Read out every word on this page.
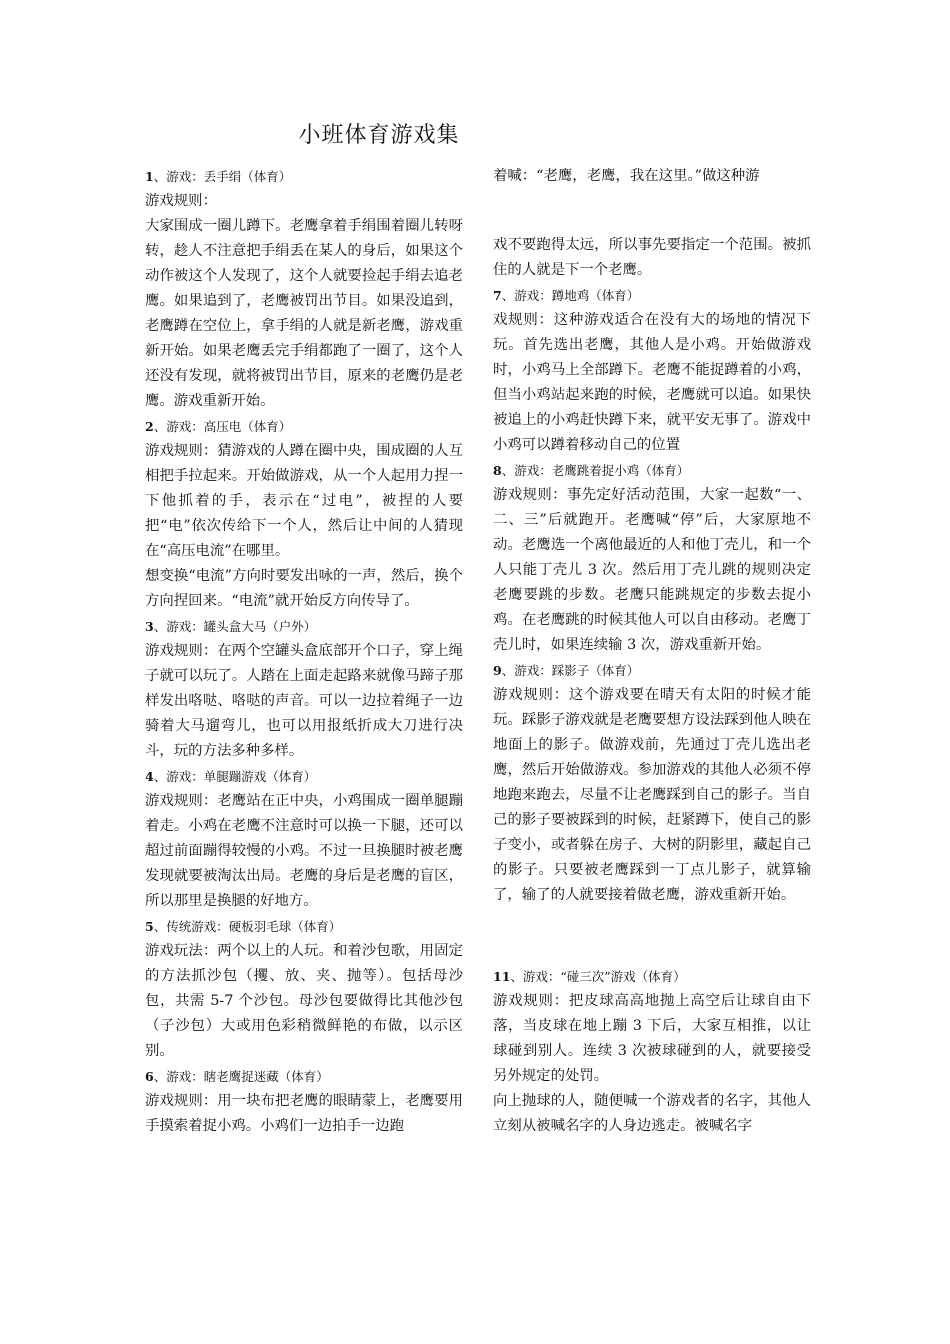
小班体育游戏集
1、游戏：丢手绢（体育）

游戏规则：

大家围成一圈儿蹲下。老鹰拿着手绢围着圈儿转呀转，趁人不注意把手绢丢在某人的身后，如果这个动作被这个人发现了，这个人就要捡起手绢去追老鹰。如果追到了，老鹰被罚出节目。如果没追到，老鹰蹲在空位上，拿手绢的人就是新老鹰，游戏重新开始。如果老鹰丢完手绢都跑了一圈了，这个人还没有发现，就将被罚出节目，原来的老鹰仍是老鹰。游戏重新开始。

2、游戏：高压电（体育）

游戏规则：猜游戏的人蹲在圈中央，围成圈的人互相把手拉起来。开始做游戏，从一个人起用力捏一下他抓着的手，表示在“过电”，被捏的人要把“电”依次传给下一个人，然后让中间的人猜现在“高压电流”在哪里。

想变换“电流”方向时要发出咏的一声，然后，换个方向捏回来。“电流”就开始反方向传导了。

3、游戏：罐头盒大马（户外）

游戏规则：在两个空罐头盒底部开个口子，穿上绳子就可以玩了。人踏在上面走起路来就像马蹄子那样发出咯哒、咯哒的声音。可以一边拉着绳子一边骑着大马遛弯儿，也可以用报纸折成大刀进行决斗，玩的方法多种多样。

4、游戏：单腿蹦游戏（体育）

游戏规则：老鹰站在正中央，小鸡围成一圈单腿蹦着走。小鸡在老鹰不注意时可以换一下腿，还可以超过前面蹦得较慢的小鸡。不过一旦换腿时被老鹰发现就要被淘汰出局。老鹰的身后是老鹰的盲区，所以那里是换腿的好地方。

5、传统游戏：硬板羽毛球（体育）

游戏玩法：两个以上的人玩。和着沙包歌，用固定的方法抓沙包（攫、放、夹、抛等）。包括母沙包，共需 5-7 个沙包。母沙包要做得比其他沙包（子沙包）大或用色彩稍微鲜艳的布做，以示区别。

6、游戏：瞎老鹰捉迷藏（体育）

游戏规则：用一块布把老鹰的眼睛蒙上，老鹰要用手摸索着捉小鸡。小鸡们一边拍手一边跑

着喊：“老鹰，老鹰，我在这里。”做这种游

戏不要跑得太远，所以事先要指定一个范围。被抓住的人就是下一个老鹰。

7、游戏：蹲地鸡（体育）

戏规则：这种游戏适合在没有大的场地的情况下玩。首先选出老鹰，其他人是小鸡。开始做游戏时，小鸡马上全部蹲下。老鹰不能捉蹲着的小鸡，但当小鸡站起来跑的时候，老鹰就可以追。如果快被追上的小鸡赶快蹲下来，就平安无事了。游戏中小鸡可以蹲着移动自己的位置

8、游戏：老鹰跳着捉小鸡（体育）

游戏规则：事先定好活动范围，大家一起数“一、二、三”后就跑开。老鹰喊“停”后，大家原地不动。老鹰选一个离他最近的人和他丁壳儿，和一个人只能丁壳儿 3 次。然后用丁壳儿跳的规则决定老鹰要跳的步数。老鹰只能跳规定的步数去捉小鸡。在老鹰跳的时候其他人可以自由移动。老鹰丁壳儿时，如果连续输 3 次，游戏重新开始。

9、游戏：踩影子（体育）

游戏规则：这个游戏要在晴天有太阳的时候才能玩。踩影子游戏就是老鹰要想方设法踩到他人映在地面上的影子。做游戏前，先通过丁壳儿选出老鹰，然后开始做游戏。参加游戏的其他人必须不停地跑来跑去，尽量不让老鹰踩到自己的影子。当自己的影子要被踩到的时候，赶紧蹲下，使自己的影子变小，或者躲在房子、大树的阴影里，藏起自己的影子。只要被老鹰踩到一丁点儿影子，就算输了，输了的人就要接着做老鹰，游戏重新开始。

11、游戏：“碰三次”游戏（体育）

游戏规则：把皮球高高地抛上高空后让球自由下落，当皮球在地上蹦 3 下后，大家互相推，以让球碰到别人。连续 3 次被球碰到的人，就要接受另外规定的处罚。

向上抛球的人，随便喊一个游戏者的名字，其他人立刻从被喊名字的人身边逃走。被喊名字
